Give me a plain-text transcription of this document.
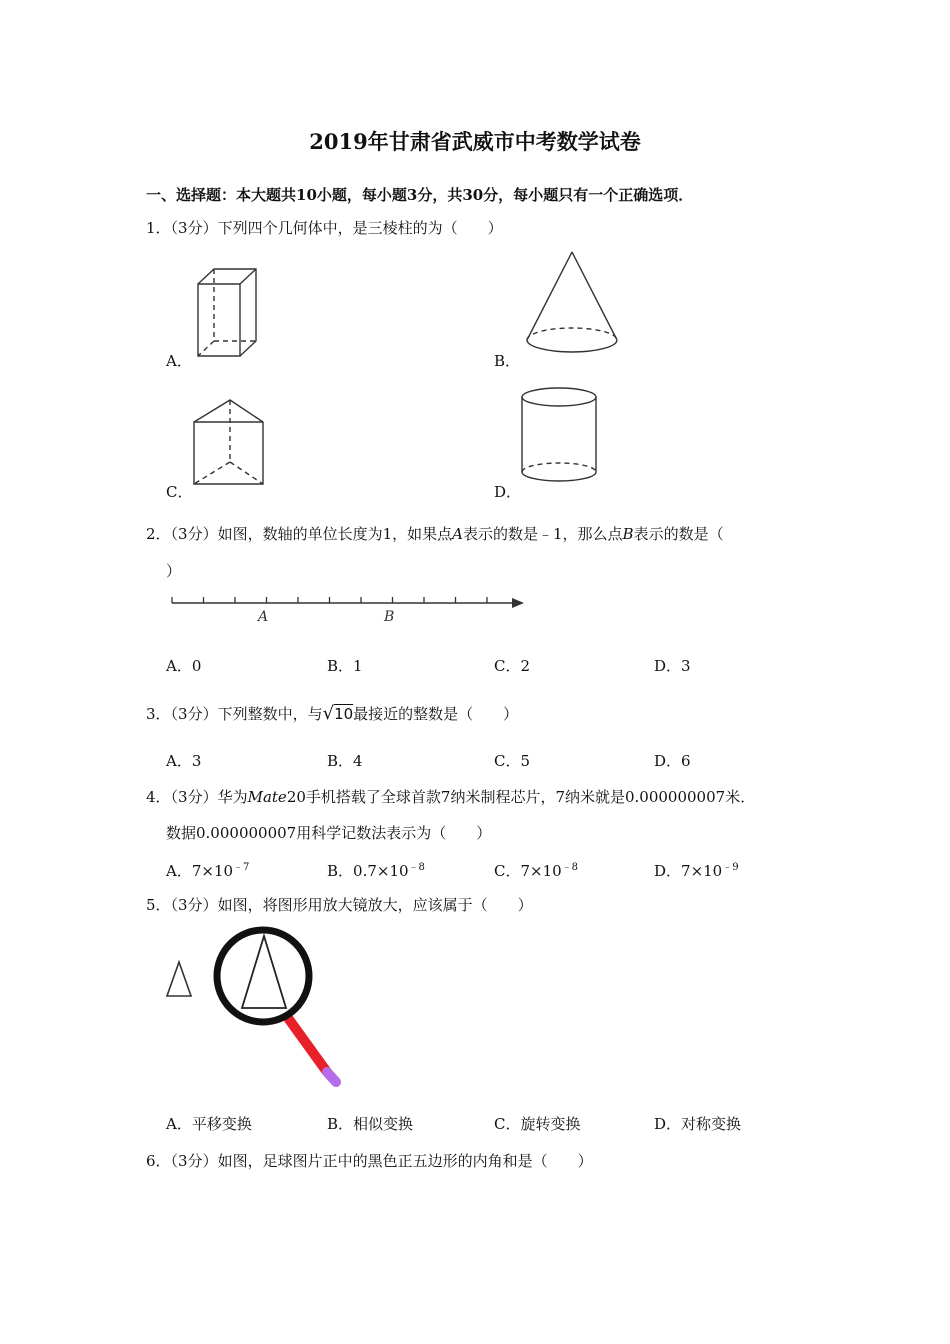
2019年甘肃省武威市中考数学试卷
一、选择题：本大题共10小题，每小题3分，共30分，每小题只有一个正确选项．
1．（3分）下列四个几何体中，是三棱柱的为（　　）
A．	B．
C．	D．
2．（3分）如图，数轴的单位长度为1，如果点A表示的数是﹣1，那么点B表示的数是（
）
A	B
A．0	B．1	C．2	D．3
3．（3分）下列整数中，与√10最接近的整数是（　　）
A．3	B．4	C．5	D．6
4．（3分）华为Mate20手机搭载了全球首款7纳米制程芯片，7纳米就是0.000000007米．
数据0.000000007用科学记数法表示为（　　）
A．$7\times 10^{﹣7}$	B．$0.7\times 10^{﹣8}$	C．$7\times 10^{﹣8}$	D．$7\times 10^{﹣9}$
5．（3分）如图，将图形用放大镜放大，应该属于（　　）
A．平移变换	B．相似变换	C．旋转变换	D．对称变换
6．（3分）如图，足球图片正中的黑色正五边形的内角和是（　　）
